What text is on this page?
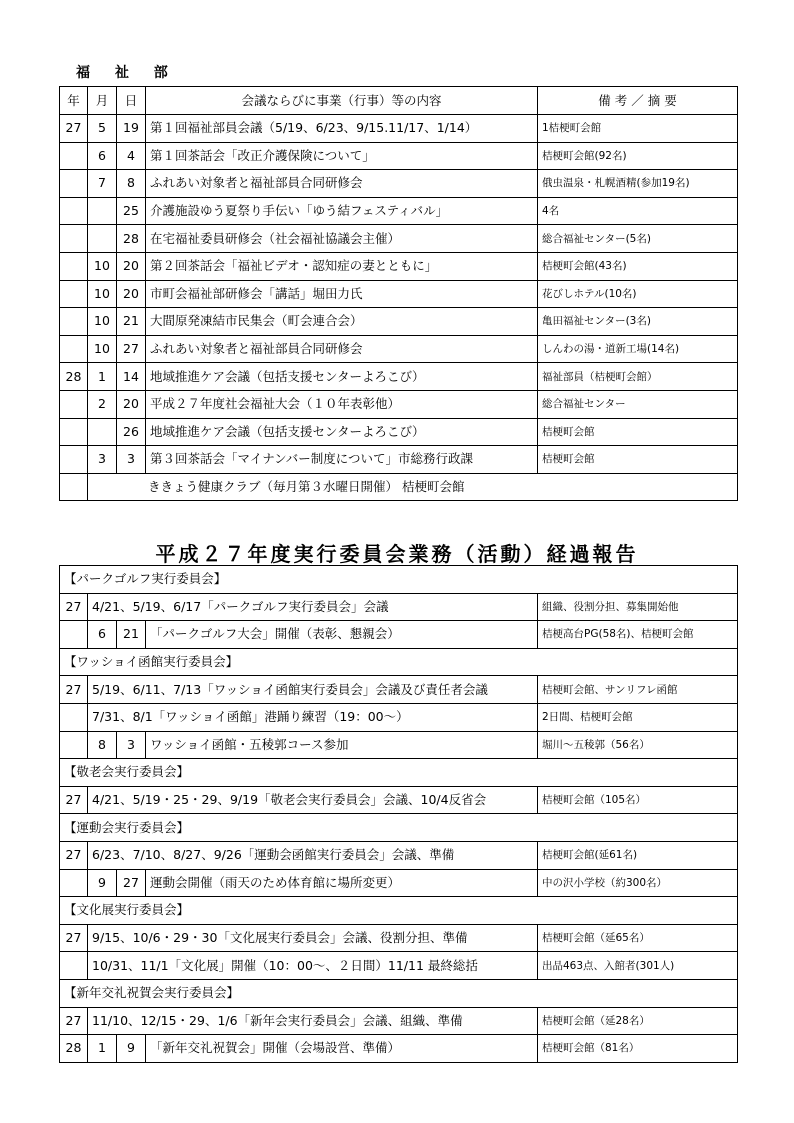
福 祉 部
年	月	日	会議ならびに事業（行事）等の内容	備 考 ／ 摘 要
27	5	19	第１回福祉部員会議（5/19、6/23、9/15.11/17、1/14）	1桔梗町会館
	6	4	第１回茶話会「改正介護保険について」	桔梗町会館(92名)
	7	8	ふれあい対象者と福祉部員合同研修会	俄虫温泉・札幌酒精(参加19名)
		25	介護施設ゆう夏祭り手伝い「ゆう結フェスティバル」	4名
		28	在宅福祉委員研修会（社会福祉協議会主催）	総合福祉センター(5名)
	10	20	第２回茶話会「福祉ビデオ・認知症の妻とともに」	桔梗町会館(43名)
	10	20	市町会福祉部研修会「講話」堀田力氏	花びしホテル(10名)
	10	21	大間原発凍結市民集会（町会連合会）	亀田福祉センター(3名)
	10	27	ふれあい対象者と福祉部員合同研修会	しんわの湯・道新工場(14名)
28	1	14	地域推進ケア会議（包括支援センターよろこび）	福祉部員（桔梗町会館）
	2	20	平成２７年度社会福祉大会（１０年表彰他）	総合福祉センター
		26	地域推進ケア会議（包括支援センターよろこび）	桔梗町会館
	3	3	第３回茶話会「マイナンバー制度について」市総務行政課	桔梗町会館
	ききょう健康クラブ（毎月第３水曜日開催） 桔梗町会館			
平成２７年度実行委員会業務（活動）経過報告
【パークゴルフ実行委員会】				
27	4/21、5/19、6/17「パークゴルフ実行委員会」会議			組織、役割分担、募集開始他
	6	21	「パークゴルフ大会」開催（表彰、懇親会）	桔梗高台PG(58名)、桔梗町会館
【ワッショイ函館実行委員会】				
27	5/19、6/11、7/13「ワッショイ函館実行委員会」会議及び責任者会議			桔梗町会館、サンリフレ函館
	7/31、8/1「ワッショイ函館」港踊り練習（19：00〜）			2日間、桔梗町会館
	8	3	ワッショイ函館・五稜郭コース参加	堀川〜五稜郭（56名）
【敬老会実行委員会】				
27	4/21、5/19・25・29、9/19「敬老会実行委員会」会議、10/4反省会			桔梗町会館（105名）
【運動会実行委員会】				
27	6/23、7/10、8/27、9/26「運動会函館実行委員会」会議、準備			桔梗町会館(延61名)
	9	27	運動会開催（雨天のため体育館に場所変更）	中の沢小学校（約300名）
【文化展実行委員会】				
27	9/15、10/6・29・30「文化展実行委員会」会議、役割分担、準備			桔梗町会館（延65名）
	10/31、11/1「文化展」開催（10：00〜、２日間）11/11 最終総括			出品463点、入館者(301人)
【新年交礼祝賀会実行委員会】				
27	11/10、12/15・29、1/6「新年会実行委員会」会議、組織、準備			桔梗町会館（延28名）
28	1	9	「新年交礼祝賀会」開催（会場設営、準備）	桔梗町会館（81名）
